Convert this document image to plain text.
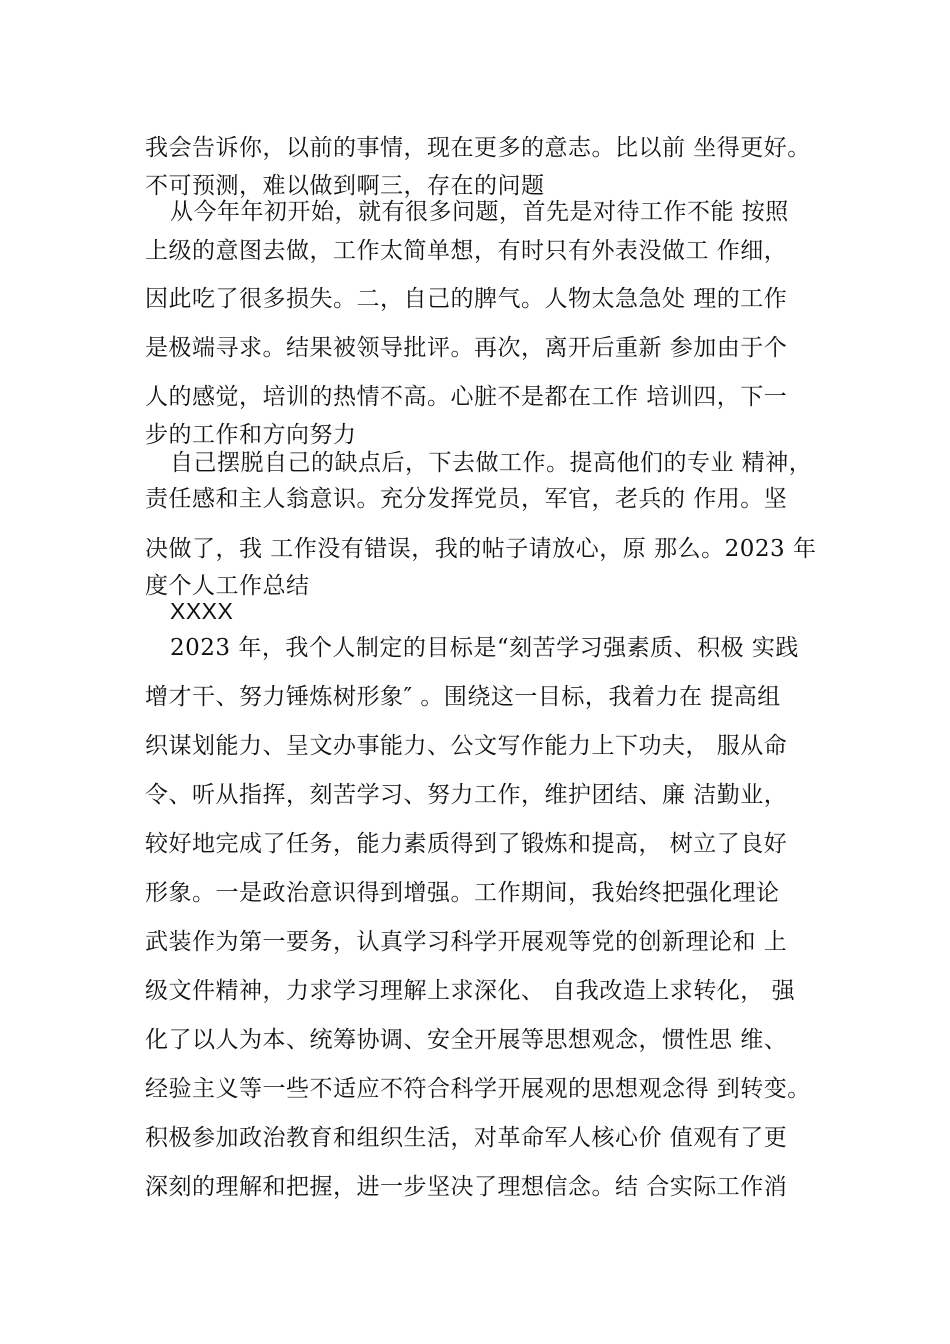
我会告诉你，以前的事情，现在更多的意志。比以前 坐得更好。
不可预测，难以做到啊三，存在的问题
从今年年初开始，就有很多问题，首先是对待工作不能 按照
上级的意图去做，工作太简单想，有时只有外表没做工 作细，
因此吃了很多损失。二，自己的脾气。人物太急急处 理的工作
是极端寻求。结果被领导批评。再次，离开后重新 参加由于个
人的感觉，培训的热情不高。心脏不是都在工作 培训四，下一
步的工作和方向努力
自己摆脱自己的缺点后，下去做工作。提高他们的专业 精神，
责任感和主人翁意识。充分发挥党员，军官，老兵的 作用。坚
决做了，我 工作没有错误，我的帖子请放心，原 那么。2023 年
度个人工作总结
XXXX
2023 年，我个人制定的目标是“刻苦学习强素质、积极 实践
增才干、努力锤炼树形象″ 。围绕这一目标，我着力在 提高组
织谋划能力、呈文办事能力、公文写作能力上下功夫， 服从命
令、听从指挥，刻苦学习、努力工作，维护团结、廉 洁勤业，
较好地完成了任务，能力素质得到了锻炼和提高， 树立了良好
形象。一是政治意识得到增强。工作期间，我始终把强化理论
武装作为第一要务，认真学习科学开展观等党的创新理论和 上
级文件精神，力求学习理解上求深化、 自我改造上求转化， 强
化了以人为本、统筹协调、安全开展等思想观念，惯性思 维、
经验主义等一些不适应不符合科学开展观的思想观念得 到转变。
积极参加政治教育和组织生活，对革命军人核心价 值观有了更
深刻的理解和把握，进一步坚决了理想信念。结 合实际工作消
